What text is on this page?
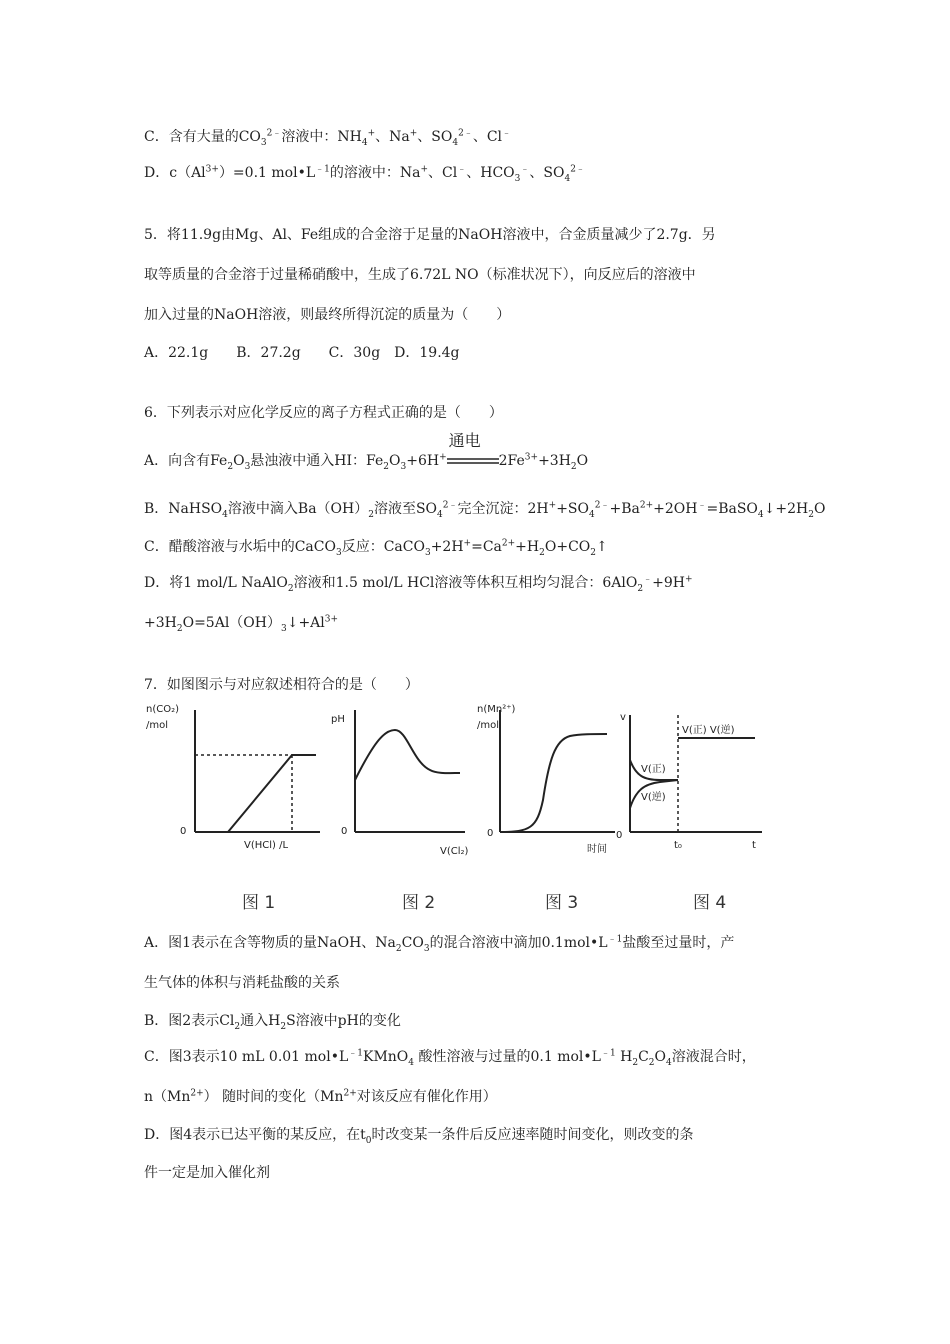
C．含有大量的$CO_3^{2﹣}$溶液中：$NH_4^+$、Na+、$SO_4^{2﹣}$、Cl﹣
D．$c(Al^{3+})=0.1$ $mol•L^{﹣1}$的溶液中：Na+、Cl﹣、$HCO_3^﹣$、$SO_4^{2﹣}$
5．将11.9g由Mg、Al、Fe组成的合金溶于足量的NaOH溶液中，合金质量减少了2.7g．另
取等质量的合金溶于过量稀硝酸中，生成了6.72L NO（标准状况下），向反应后的溶液中
加入过量的NaOH溶液，则最终所得沉淀的质量为（　　）
A．22.1g　　B．27.2g　　C．30g　D．19.4g
6．下列表示对应化学反应的离子方程式正确的是（　　）
A．向含有$Fe_2O_3$悬浊液中通入HI：$Fe_2O_3+6H^+$
通电
$2Fe^{3+}+3H_2O$
B．NaHSO$_4$溶液中滴入$Ba(OH)_2$溶液至$SO_4^{2﹣}$完全沉淀：$2H^++SO_4^{2﹣}+Ba^{2+}+2OH^﹣=BaSO_4↓+2H_2O$
C．醋酸溶液与水垢中的CaCO$_3$反应：$CaCO_3+2H^+=Ca^{2+}+H_2O+CO_2↑$
D．将1 mol/L NaAlO$_2$溶液和1.5 mol/L HCl溶液等体积互相均匀混合：6AlO$_2$﹣+9H+
$+3H_2O=5Al(OH)_3↓+Al^{3+}$
7．如图图示与对应叙述相符合的是（　　）
n(CO₂)
/mol
0
V(HCl) /L
pH
0
V(Cl₂)
n(Mn²⁺)
/mol
0
时间
v
V(正) V(逆)
V(正)
V(逆)
0
t₀	t
图 1	图 2	图 3	图 4
A．图1表示在含等物质的量NaOH、$Na_2CO_3$的混合溶液中滴加$0.1mol•L^{﹣1}$盐酸至过量时，产
生气体的体积与消耗盐酸的关系
B．图2表示$Cl_2$通入$H_2S$溶液中pH的变化
C．图3表示10 mL 0.01 $mol•L^{﹣1}KMnO_4$ 酸性溶液与过量的0.1 $mol•L^{﹣1}$ $H_2C_2O_4$溶液混合时，
$n(Mn^{2+})$ 随时间的变化（$Mn^{2+}$对该反应有催化作用）
D．图4表示已达平衡的某反应，在$t_0$时改变某一条件后反应速率随时间变化，则改变的条
件一定是加入催化剂
